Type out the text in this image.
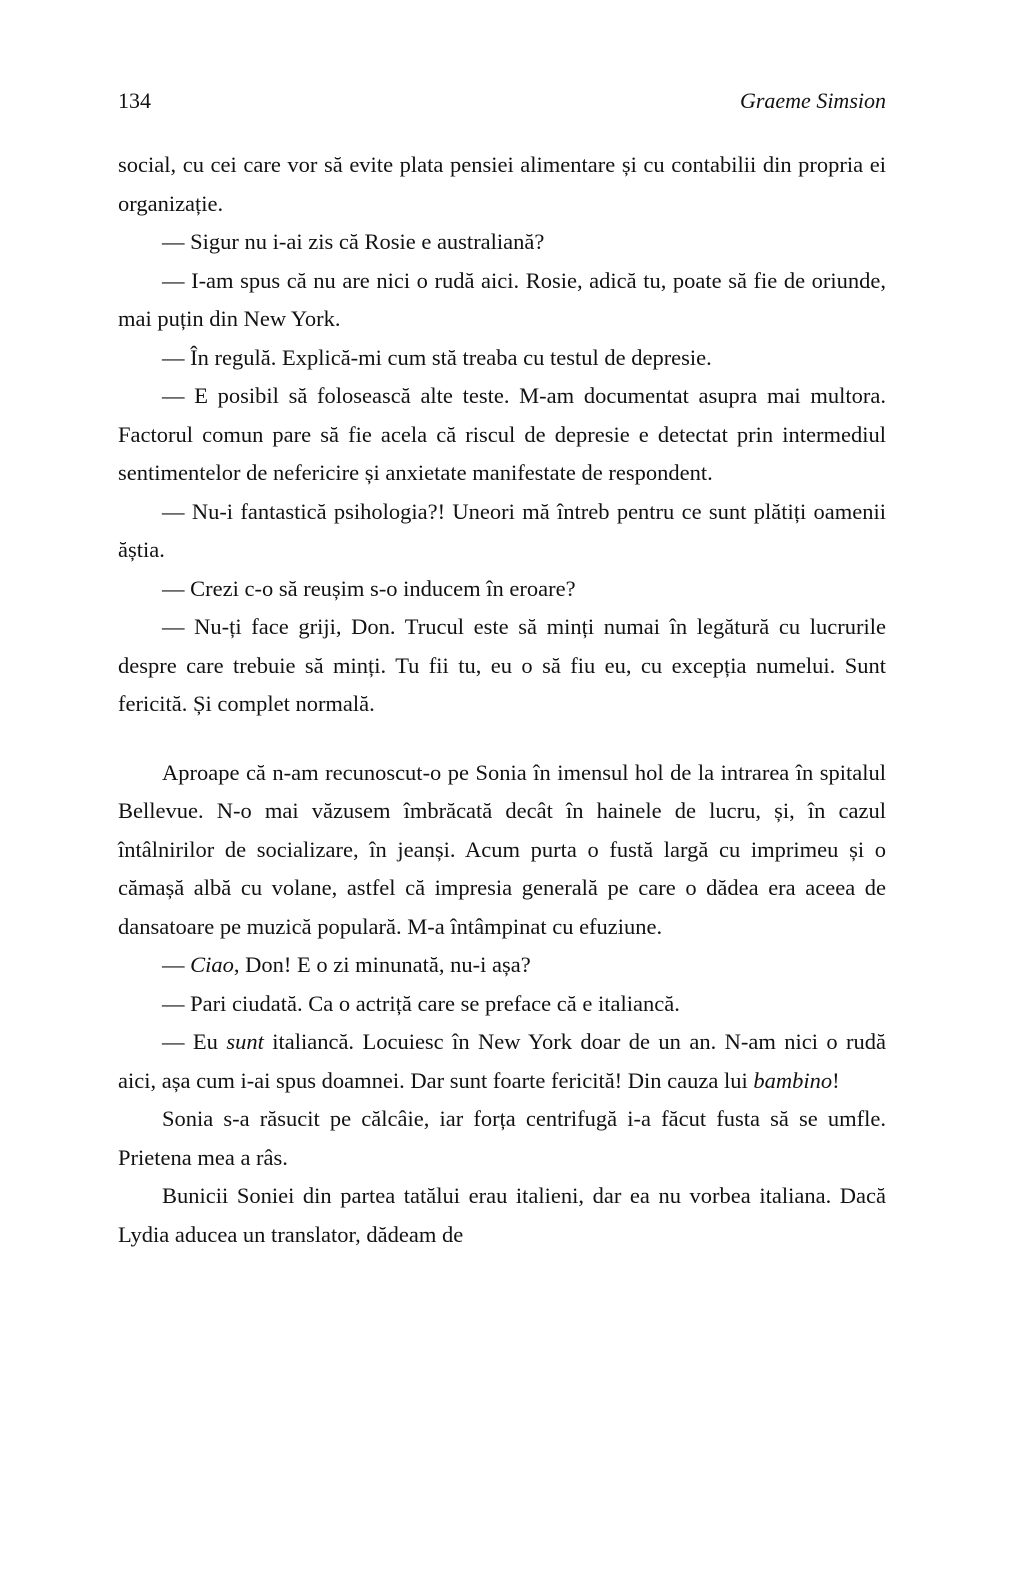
134	Graeme Simsion

social, cu cei care vor să evite plata pensiei alimentare și cu contabilii din propria ei organizație.

— Sigur nu i-ai zis că Rosie e australiană?

— I-am spus că nu are nici o rudă aici. Rosie, adică tu, poate să fie de oriunde, mai puțin din New York.

— În regulă. Explică-mi cum stă treaba cu testul de depresie.

— E posibil să folosească alte teste. M-am documentat asupra mai multora. Factorul comun pare să fie acela că riscul de depresie e detectat prin intermediul sentimentelor de nefericire și anxietate manifestate de respondent.

— Nu-i fantastică psihologia?! Uneori mă întreb pentru ce sunt plătiți oamenii ăștia.

— Crezi c-o să reușim s-o inducem în eroare?

— Nu-ți face griji, Don. Trucul este să minți numai în legătură cu lucrurile despre care trebuie să minți. Tu fii tu, eu o să fiu eu, cu excepția numelui. Sunt fericită. Și complet normală.

Aproape că n-am recunoscut-o pe Sonia în imensul hol de la intrarea în spitalul Bellevue. N-o mai văzusem îmbrăcată decât în hainele de lucru, și, în cazul întâlnirilor de socializare, în jeanși. Acum purta o fustă largă cu imprimeu și o cămașă albă cu volane, astfel că impresia generală pe care o dădea era aceea de dansatoare pe muzică populară. M-a întâmpinat cu efuziune.

— Ciao, Don! E o zi minunată, nu-i așa?

— Pari ciudată. Ca o actriță care se preface că e italiancă.

— Eu sunt italiancă. Locuiesc în New York doar de un an. N-am nici o rudă aici, așa cum i-ai spus doamnei. Dar sunt foarte fericită! Din cauza lui bambino!

Sonia s-a răsucit pe călcâie, iar forța centrifugă i-a făcut fusta să se umfle. Prietena mea a râs.

Bunicii Soniei din partea tatălui erau italieni, dar ea nu vorbea italiana. Dacă Lydia aducea un translator, dădeam de
